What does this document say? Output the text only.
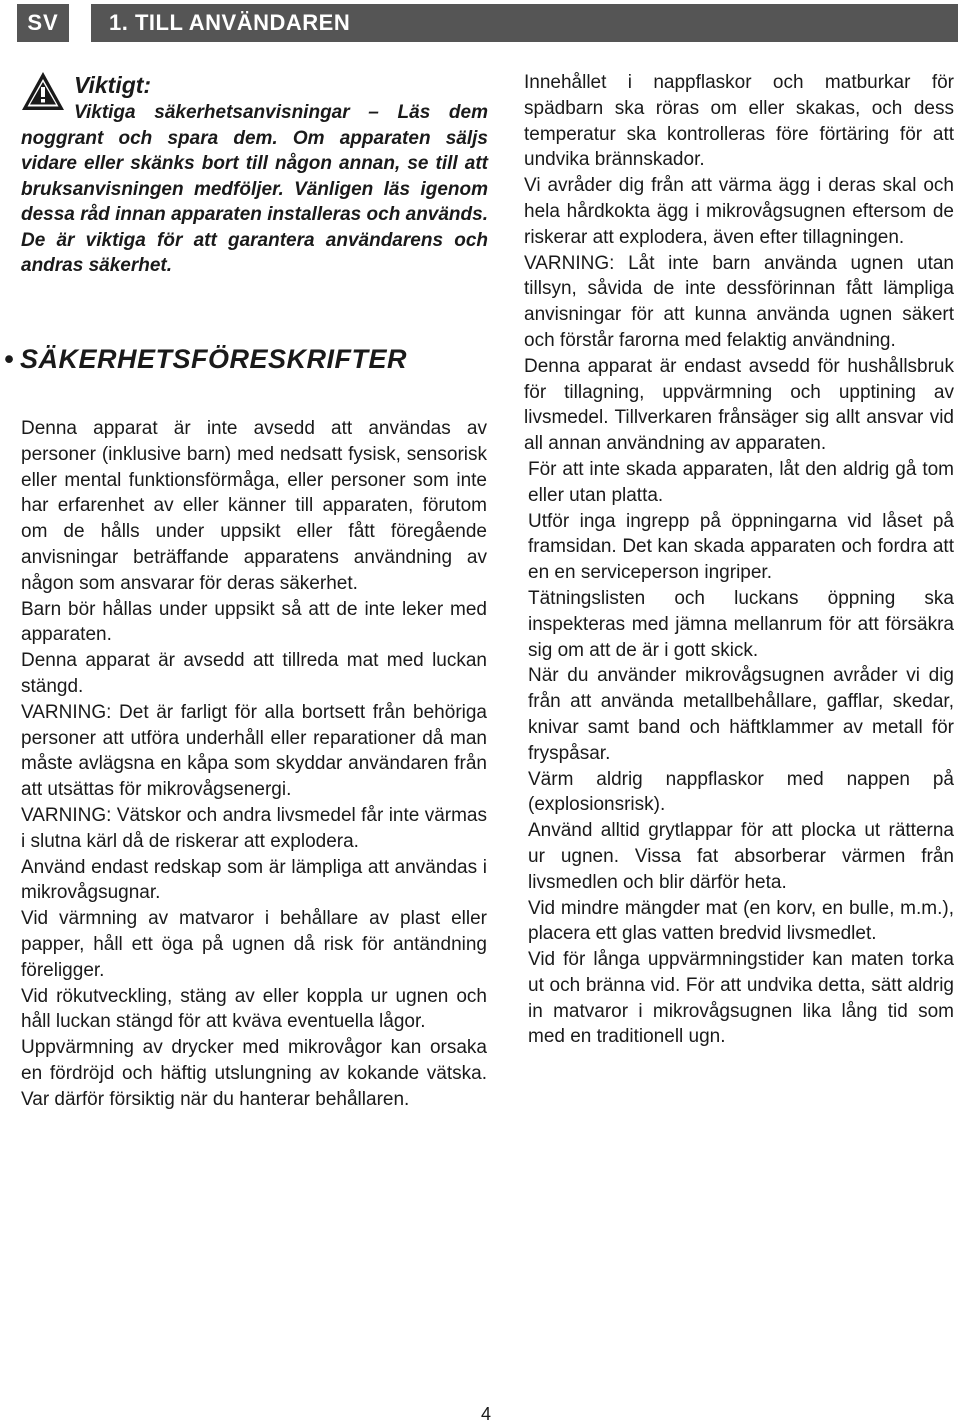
SV	1. TILL ANVÄNDAREN
Viktigt:

Viktiga säkerhetsanvisningar – Läs dem noggrant och spara dem. Om apparaten säljs vidare eller skänks bort till någon annan, se till att bruksanvisningen medföljer. Vänligen läs igenom dessa råd innan apparaten installeras och används. De är viktiga för att garantera användarens och andras säkerhet.

• SÄKERHETSFÖRESKRIFTER

Denna apparat är inte avsedd att användas av personer (inklusive barn) med nedsatt fysisk, sensorisk eller mental funktionsförmåga, eller personer som inte har erfarenhet av eller känner till apparaten, förutom om de hålls under uppsikt eller fått föregående anvisningar beträffande apparatens användning av någon som ansvarar för deras säkerhet.

Barn bör hållas under uppsikt så att de inte leker med apparaten.

Denna apparat är avsedd att tillreda mat med luckan stängd.

VARNING: Det är farligt för alla bortsett från behöriga personer att utföra underhåll eller reparationer då man måste avlägsna en kåpa som skyddar användaren från att utsättas för mikrovågsenergi.

VARNING: Vätskor och andra livsmedel får inte värmas i slutna kärl då de riskerar att explodera.

Använd endast redskap som är lämpliga att användas i mikrovågsugnar.

Vid värmning av matvaror i behållare av plast eller papper, håll ett öga på ugnen då risk för antändning föreligger.

Vid rökutveckling, stäng av eller koppla ur ugnen och håll luckan stängd för att kväva eventuella lågor.

Uppvärmning av drycker med mikrovågor kan orsaka en fördröjd och häftig utslungning av kokande vätska. Var därför försiktig när du hanterar behållaren.

Innehållet i nappflaskor och matburkar för spädbarn ska röras om eller skakas, och dess temperatur ska kontrolleras före förtäring för att undvika brännskador.

Vi avråder dig från att värma ägg i deras skal och hela hårdkokta ägg i mikrovågsugnen eftersom de riskerar att explodera, även efter tillagningen.

VARNING: Låt inte barn använda ugnen utan tillsyn, såvida de inte dessförinnan fått lämpliga anvisningar för att kunna använda ugnen säkert och förstår farorna med felaktig användning.

Denna apparat är endast avsedd för hushållsbruk för tillagning, uppvärmning och upptining av livsmedel. Tillverkaren frånsäger sig allt ansvar vid all annan användning av apparaten.

För att inte skada apparaten, låt den aldrig gå tom eller utan platta.

Utför inga ingrepp på öppningarna vid låset på framsidan. Det kan skada apparaten och fordra att en en serviceperson ingriper.

Tätningslisten och luckans öppning ska inspekteras med jämna mellanrum för att försäkra sig om att de är i gott skick.

När du använder mikrovågsugnen avråder vi dig från att använda metallbehållare, gafflar, skedar, knivar samt band och häftklammer av metall för fryspåsar.

Värm aldrig nappflaskor med nappen på (explosionsrisk).

Använd alltid grytlappar för att plocka ut rätterna ur ugnen. Vissa fat absorberar värmen från livsmedlen och blir därför heta.

Vid mindre mängder mat (en korv, en bulle, m.m.), placera ett glas vatten bredvid livsmedlet.

Vid för långa uppvärmningstider kan maten torka ut och bränna vid. För att undvika detta, sätt aldrig in matvaror i mikrovågsugnen lika lång tid som med en traditionell ugn.

4
